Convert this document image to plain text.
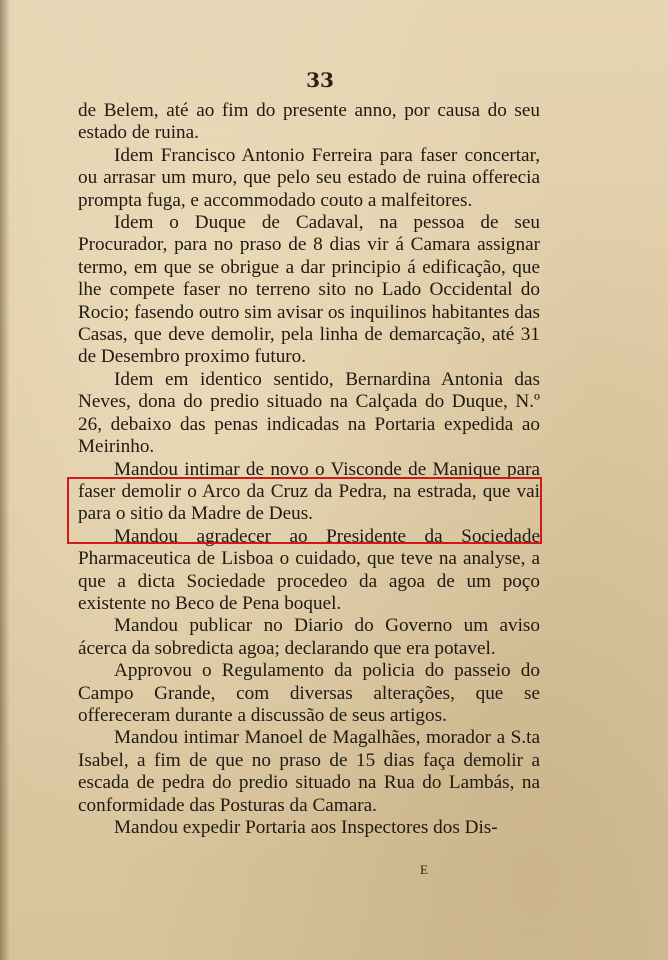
33

de Belem, até ao fim do presente anno, por causa do seu estado de ruina.

Idem Francisco Antonio Ferreira para faser concertar, ou arrasar um muro, que pelo seu estado de ruina offerecia prompta fuga, e accommodado couto a malfeitores.

Idem o Duque de Cadaval, na pessoa de seu Procurador, para no praso de 8 dias vir á Camara assignar termo, em que se obrigue a dar principio á edificação, que lhe compete faser no terreno sito no Lado Occidental do Rocio; fasendo outro sim avisar os inquilinos habitantes das Casas, que deve demolir, pela linha de demarcação, até 31 de Desembro proximo futuro.

Idem em identico sentido, Bernardina Antonia das Neves, dona do predio situado na Calçada do Duque, N.º 26, debaixo das penas indicadas na Portaria expedida ao Meirinho.

Mandou intimar de novo o Visconde de Manique para faser demolir o Arco da Cruz da Pedra, na estrada, que vai para o sitio da Madre de Deus.

Mandou agradecer ao Presidente da Sociedade Pharmaceutica de Lisboa o cuidado, que teve na analyse, a que a dicta Sociedade procedeo da agoa de um poço existente no Beco de Pena boquel.

Mandou publicar no Diario do Governo um aviso ácerca da sobredicta agoa; declarando que era potavel.

Approvou o Regulamento da policia do passeio do Campo Grande, com diversas alterações, que se offereceram durante a discussão de seus artigos.

Mandou intimar Manoel de Magalhães, morador a S.ta Isabel, a fim de que no praso de 15 dias faça demolir a escada de pedra do predio situado na Rua do Lambás, na conformidade das Posturas da Camara.

Mandou expedir Portaria aos Inspectores dos Dis-

E
